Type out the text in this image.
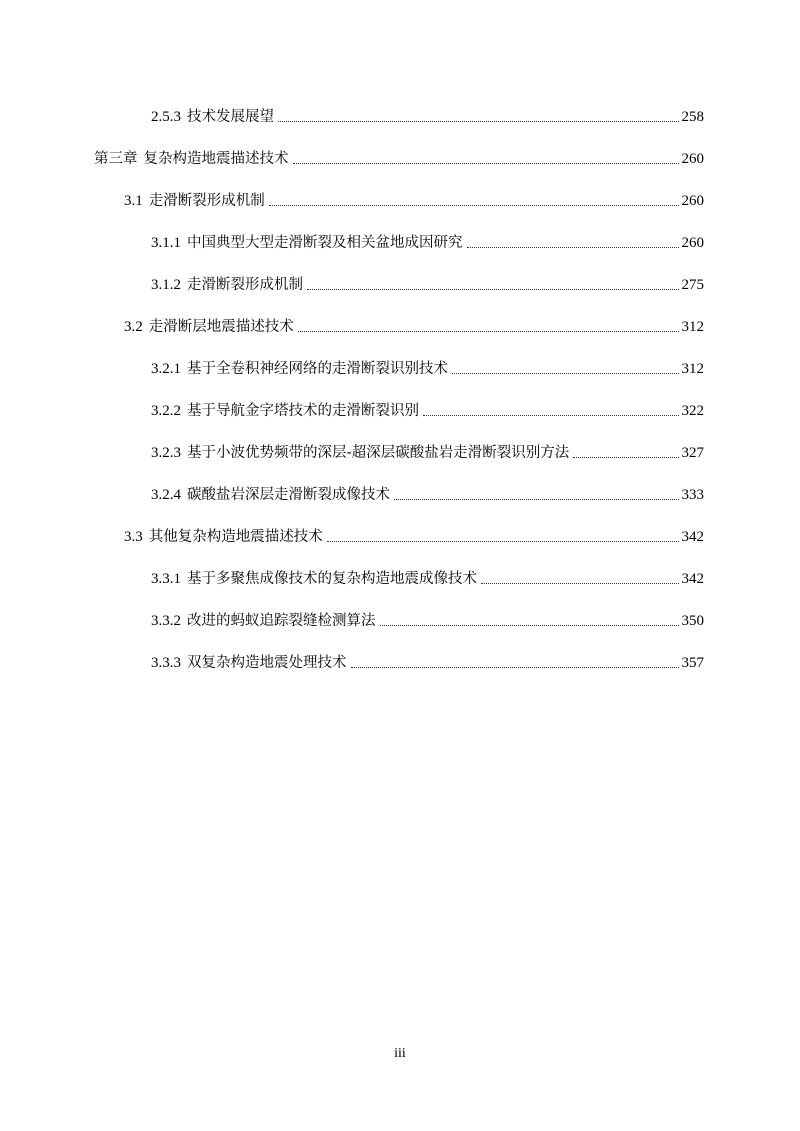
2.5.3 技术发展展望	258
第三章 复杂构造地震描述技术	260
3.1 走滑断裂形成机制	260
3.1.1 中国典型大型走滑断裂及相关盆地成因研究	260
3.1.2 走滑断裂形成机制	275
3.2 走滑断层地震描述技术	312
3.2.1 基于全卷积神经网络的走滑断裂识别技术	312
3.2.2 基于导航金字塔技术的走滑断裂识别	322
3.2.3 基于小波优势频带的深层-超深层碳酸盐岩走滑断裂识别方法	327
3.2.4 碳酸盐岩深层走滑断裂成像技术	333
3.3 其他复杂构造地震描述技术	342
3.3.1 基于多聚焦成像技术的复杂构造地震成像技术	342
3.3.2 改进的蚂蚁追踪裂缝检测算法	350
3.3.3 双复杂构造地震处理技术	357
iii
